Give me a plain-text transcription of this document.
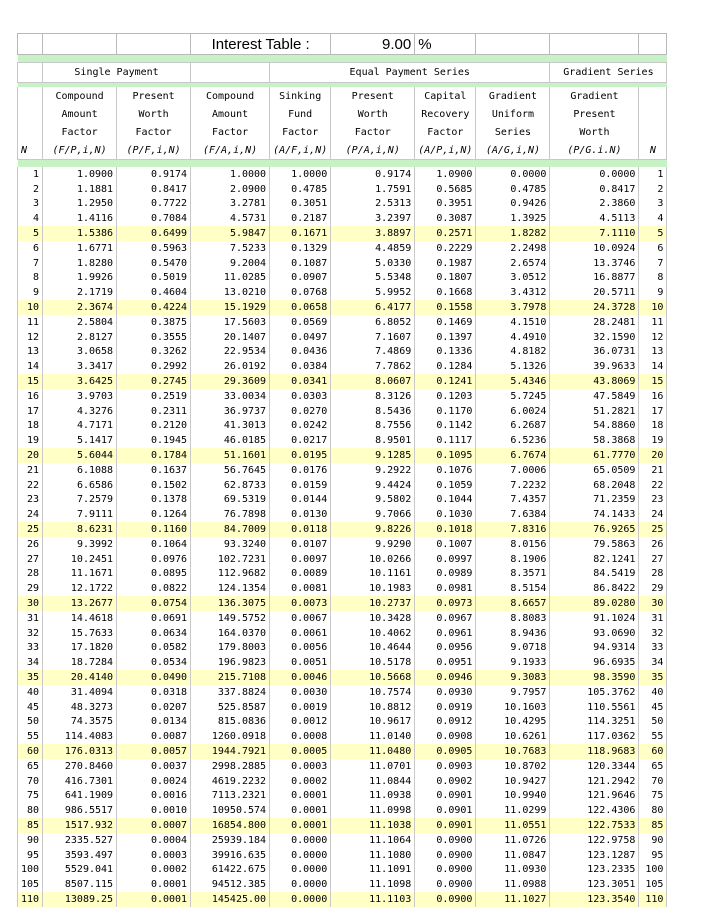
			Interest Table :		9.00	%			

	Single Payment			Equal Payment Series				Gradient Series	

	Compound	Present	Compound	Sinking	Present	Capital	Gradient	Gradient	
	Amount	Worth	Amount	Fund	Worth	Recovery	Uniform	Present	
	Factor	Factor	Factor	Factor	Factor	Factor	Series	Worth	
N	(F/P,i,N)	(P/F,i,N)	(F/A,i,N)	(A/F,i,N)	(P/A,i,N)	(A/P,i,N)	(A/G,i,N)	(P/G.i.N)	N

1	1.0900	0.9174	1.0000	1.0000	0.9174	1.0900	0.0000	0.0000	1
2	1.1881	0.8417	2.0900	0.4785	1.7591	0.5685	0.4785	0.8417	2
3	1.2950	0.7722	3.2781	0.3051	2.5313	0.3951	0.9426	2.3860	3
4	1.4116	0.7084	4.5731	0.2187	3.2397	0.3087	1.3925	4.5113	4
5	1.5386	0.6499	5.9847	0.1671	3.8897	0.2571	1.8282	7.1110	5
6	1.6771	0.5963	7.5233	0.1329	4.4859	0.2229	2.2498	10.0924	6
7	1.8280	0.5470	9.2004	0.1087	5.0330	0.1987	2.6574	13.3746	7
8	1.9926	0.5019	11.0285	0.0907	5.5348	0.1807	3.0512	16.8877	8
9	2.1719	0.4604	13.0210	0.0768	5.9952	0.1668	3.4312	20.5711	9
10	2.3674	0.4224	15.1929	0.0658	6.4177	0.1558	3.7978	24.3728	10
11	2.5804	0.3875	17.5603	0.0569	6.8052	0.1469	4.1510	28.2481	11
12	2.8127	0.3555	20.1407	0.0497	7.1607	0.1397	4.4910	32.1590	12
13	3.0658	0.3262	22.9534	0.0436	7.4869	0.1336	4.8182	36.0731	13
14	3.3417	0.2992	26.0192	0.0384	7.7862	0.1284	5.1326	39.9633	14
15	3.6425	0.2745	29.3609	0.0341	8.0607	0.1241	5.4346	43.8069	15
16	3.9703	0.2519	33.0034	0.0303	8.3126	0.1203	5.7245	47.5849	16
17	4.3276	0.2311	36.9737	0.0270	8.5436	0.1170	6.0024	51.2821	17
18	4.7171	0.2120	41.3013	0.0242	8.7556	0.1142	6.2687	54.8860	18
19	5.1417	0.1945	46.0185	0.0217	8.9501	0.1117	6.5236	58.3868	19
20	5.6044	0.1784	51.1601	0.0195	9.1285	0.1095	6.7674	61.7770	20
21	6.1088	0.1637	56.7645	0.0176	9.2922	0.1076	7.0006	65.0509	21
22	6.6586	0.1502	62.8733	0.0159	9.4424	0.1059	7.2232	68.2048	22
23	7.2579	0.1378	69.5319	0.0144	9.5802	0.1044	7.4357	71.2359	23
24	7.9111	0.1264	76.7898	0.0130	9.7066	0.1030	7.6384	74.1433	24
25	8.6231	0.1160	84.7009	0.0118	9.8226	0.1018	7.8316	76.9265	25
26	9.3992	0.1064	93.3240	0.0107	9.9290	0.1007	8.0156	79.5863	26
27	10.2451	0.0976	102.7231	0.0097	10.0266	0.0997	8.1906	82.1241	27
28	11.1671	0.0895	112.9682	0.0089	10.1161	0.0989	8.3571	84.5419	28
29	12.1722	0.0822	124.1354	0.0081	10.1983	0.0981	8.5154	86.8422	29
30	13.2677	0.0754	136.3075	0.0073	10.2737	0.0973	8.6657	89.0280	30
31	14.4618	0.0691	149.5752	0.0067	10.3428	0.0967	8.8083	91.1024	31
32	15.7633	0.0634	164.0370	0.0061	10.4062	0.0961	8.9436	93.0690	32
33	17.1820	0.0582	179.8003	0.0056	10.4644	0.0956	9.0718	94.9314	33
34	18.7284	0.0534	196.9823	0.0051	10.5178	0.0951	9.1933	96.6935	34
35	20.4140	0.0490	215.7108	0.0046	10.5668	0.0946	9.3083	98.3590	35
40	31.4094	0.0318	337.8824	0.0030	10.7574	0.0930	9.7957	105.3762	40
45	48.3273	0.0207	525.8587	0.0019	10.8812	0.0919	10.1603	110.5561	45
50	74.3575	0.0134	815.0836	0.0012	10.9617	0.0912	10.4295	114.3251	50
55	114.4083	0.0087	1260.0918	0.0008	11.0140	0.0908	10.6261	117.0362	55
60	176.0313	0.0057	1944.7921	0.0005	11.0480	0.0905	10.7683	118.9683	60
65	270.8460	0.0037	2998.2885	0.0003	11.0701	0.0903	10.8702	120.3344	65
70	416.7301	0.0024	4619.2232	0.0002	11.0844	0.0902	10.9427	121.2942	70
75	641.1909	0.0016	7113.2321	0.0001	11.0938	0.0901	10.9940	121.9646	75
80	986.5517	0.0010	10950.574	0.0001	11.0998	0.0901	11.0299	122.4306	80
85	1517.932	0.0007	16854.800	0.0001	11.1038	0.0901	11.0551	122.7533	85
90	2335.527	0.0004	25939.184	0.0000	11.1064	0.0900	11.0726	122.9758	90
95	3593.497	0.0003	39916.635	0.0000	11.1080	0.0900	11.0847	123.1287	95
100	5529.041	0.0002	61422.675	0.0000	11.1091	0.0900	11.0930	123.2335	100
105	8507.115	0.0001	94512.385	0.0000	11.1098	0.0900	11.0988	123.3051	105
110	13089.25	0.0001	145425.00	0.0000	11.1103	0.0900	11.1027	123.3540	110
